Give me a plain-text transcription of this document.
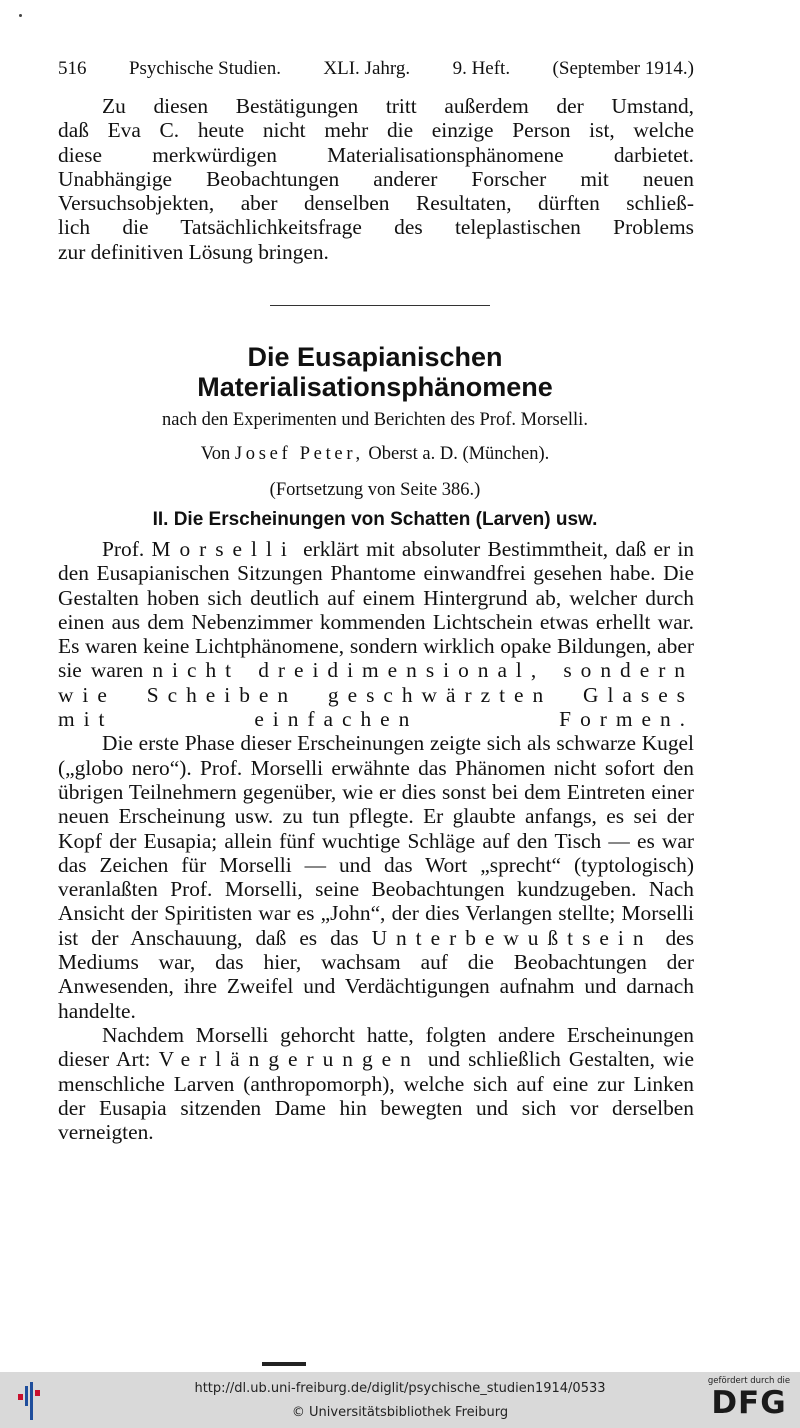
516 Psychische Studien. XLI. Jahrg. 9. Heft. (September 1914.)

Zu diesen Bestätigungen tritt außerdem der Umstand,

daß Eva C. heute nicht mehr die einzige Person ist, welche

diese merkwürdigen Materialisationsphänomene darbietet.

Unabhängige Beobachtungen anderer Forscher mit neuen

Versuchsobjekten, aber denselben Resultaten, dürften schließ-

lich die Tatsächlichkeitsfrage des teleplastischen Problems

zur definitiven Lösung bringen.

Die Eusapianischen
Materialisationsphänomene
nach den Experimenten und Berichten des Prof. Morselli.
Von Josef Peter, Oberst a. D. (München).
(Fortsetzung von Seite 386.)
II. Die Erscheinungen von Schatten (Larven) usw.

Prof. Morselli erklärt mit absoluter Bestimmtheit, daß er in den Eusapianischen Sitzungen Phantome einwandfrei gesehen habe. Die Gestalten hoben sich deutlich auf einem Hintergrund ab, welcher durch einen aus dem Nebenzimmer kommenden Lichtschein etwas erhellt war. Es waren keine Lichtphänomene, sondern wirklich opake Bildungen, aber sie waren nicht dreidimensional, sondern wie Scheiben geschwärzten Glases mit einfachen Formen.

Die erste Phase dieser Erscheinungen zeigte sich als schwarze Kugel („globo nero“). Prof. Morselli erwähnte das Phänomen nicht sofort den übrigen Teilnehmern gegenüber, wie er dies sonst bei dem Eintreten einer neuen Erscheinung usw. zu tun pflegte. Er glaubte anfangs, es sei der Kopf der Eusapia; allein fünf wuchtige Schläge auf den Tisch — es war das Zeichen für Morselli — und das Wort „sprecht“ (typtologisch) veranlaßten Prof. Morselli, seine Beobachtungen kundzugeben. Nach Ansicht der Spiritisten war es „John“, der dies Verlangen stellte; Morselli ist der Anschauung, daß es das Unterbewußtsein des Mediums war, das hier, wachsam auf die Beobachtungen der Anwesenden, ihre Zweifel und Verdächtigungen aufnahm und darnach handelte.

Nachdem Morselli gehorcht hatte, folgten andere Erscheinungen dieser Art: Verlängerungen und schließlich Gestalten, wie menschliche Larven (anthropomorph), welche sich auf eine zur Linken der Eusapia sitzenden Dame hin bewegten und sich vor derselben verneigten.

http://dl.ub.uni-freiburg.de/diglit/psychische_studien1914/0533
© Universitätsbibliothek Freiburg
gefördert durch die
DFG
